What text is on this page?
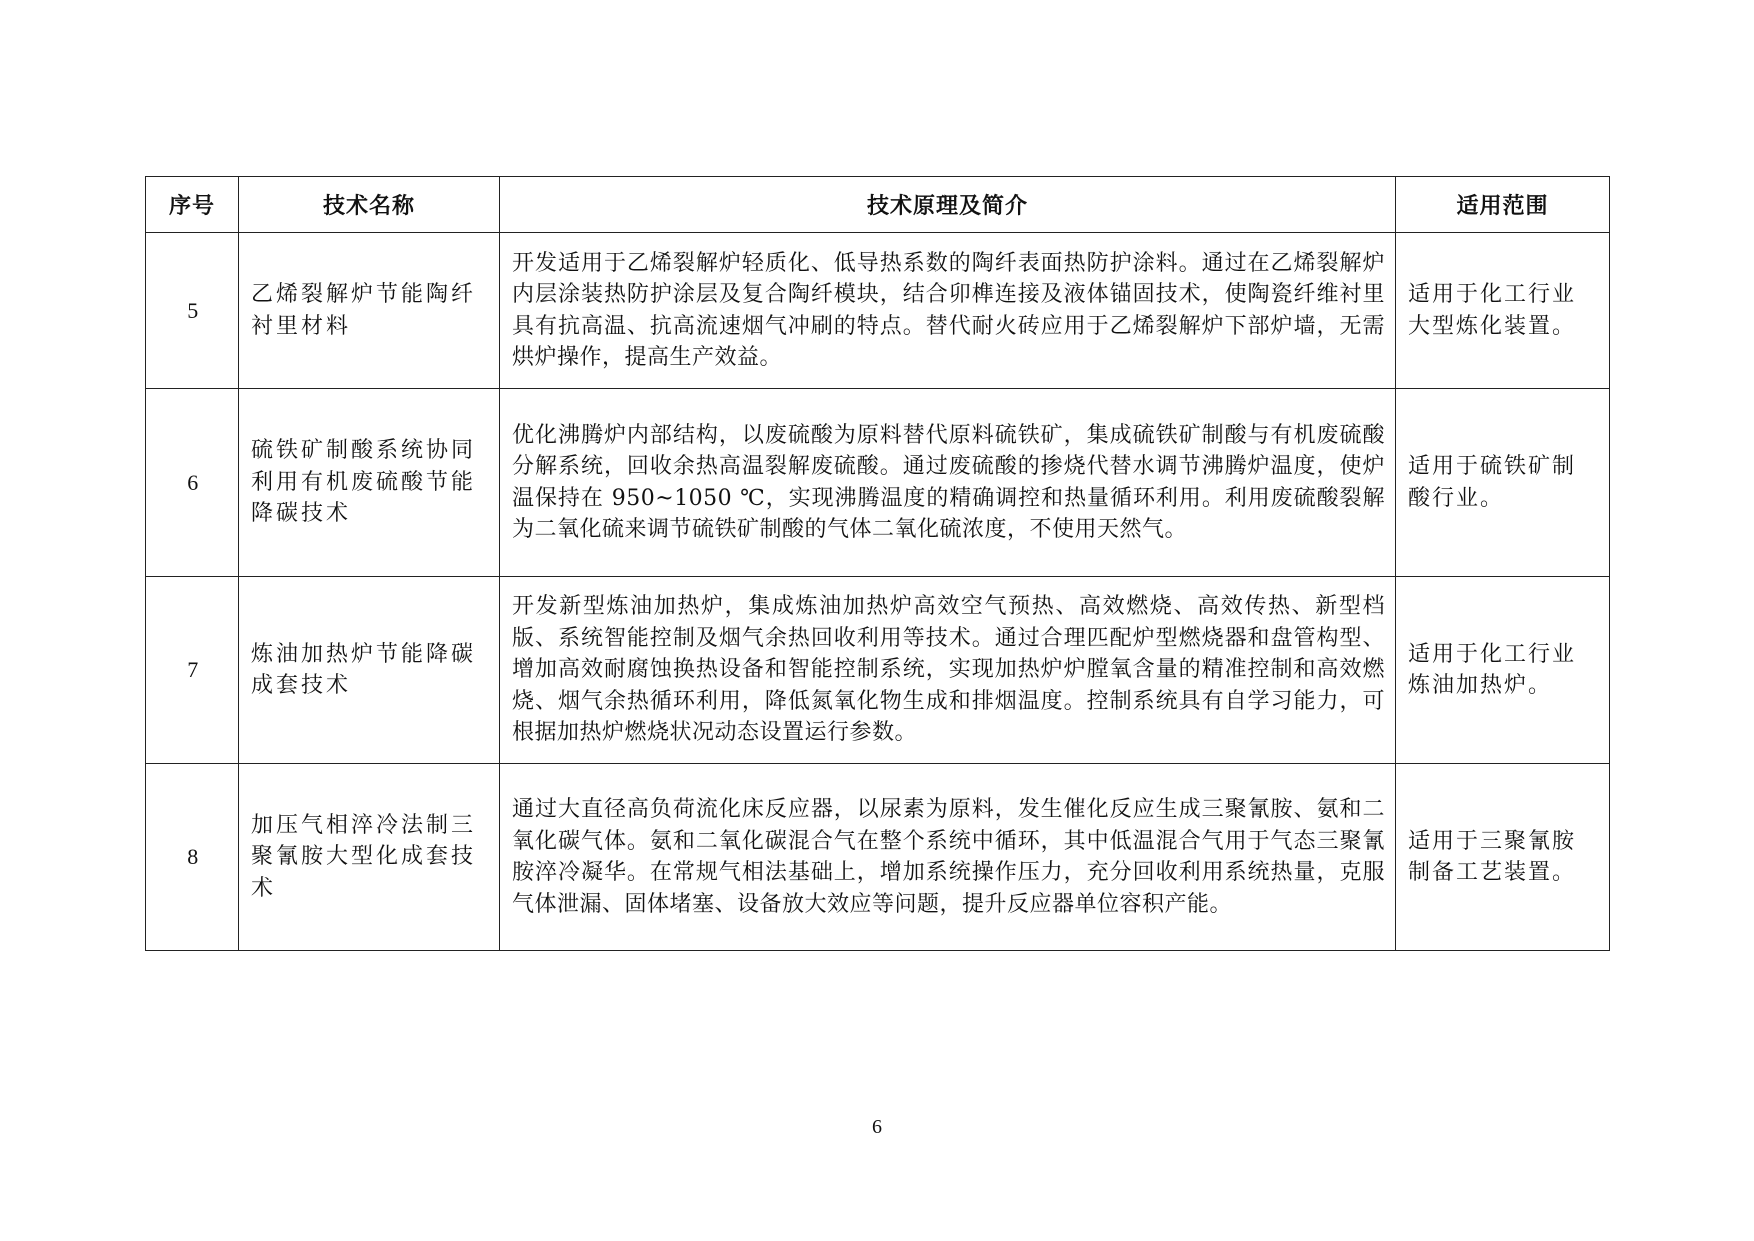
序号	技术名称	技术原理及简介	适用范围
5	乙烯裂解炉节能陶纤衬里材料	开发适用于乙烯裂解炉轻质化、低导热系数的陶纤表面热防护涂料。通过在乙烯裂解炉内层涂装热防护涂层及复合陶纤模块，结合卯榫连接及液体锚固技术，使陶瓷纤维衬里具有抗高温、抗高流速烟气冲刷的特点。替代耐火砖应用于乙烯裂解炉下部炉墙，无需烘炉操作，提高生产效益。	适用于化工行业大型炼化装置。
6	硫铁矿制酸系统协同利用有机废硫酸节能降碳技术	优化沸腾炉内部结构，以废硫酸为原料替代原料硫铁矿，集成硫铁矿制酸与有机废硫酸分解系统，回收余热高温裂解废硫酸。通过废硫酸的掺烧代替水调节沸腾炉温度，使炉温保持在 950~1050 ℃，实现沸腾温度的精确调控和热量循环利用。利用废硫酸裂解为二氧化硫来调节硫铁矿制酸的气体二氧化硫浓度，不使用天然气。	适用于硫铁矿制酸行业。
7	炼油加热炉节能降碳成套技术	开发新型炼油加热炉，集成炼油加热炉高效空气预热、高效燃烧、高效传热、新型档版、系统智能控制及烟气余热回收利用等技术。通过合理匹配炉型燃烧器和盘管构型、增加高效耐腐蚀换热设备和智能控制系统，实现加热炉炉膛氧含量的精准控制和高效燃烧、烟气余热循环利用，降低氮氧化物生成和排烟温度。控制系统具有自学习能力，可根据加热炉燃烧状况动态设置运行参数。	适用于化工行业炼油加热炉。
8	加压气相淬冷法制三聚氰胺大型化成套技术	通过大直径高负荷流化床反应器，以尿素为原料，发生催化反应生成三聚氰胺、氨和二氧化碳气体。氨和二氧化碳混合气在整个系统中循环，其中低温混合气用于气态三聚氰胺淬冷凝华。在常规气相法基础上，增加系统操作压力，充分回收利用系统热量，克服气体泄漏、固体堵塞、设备放大效应等问题，提升反应器单位容积产能。	适用于三聚氰胺制备工艺装置。
6
